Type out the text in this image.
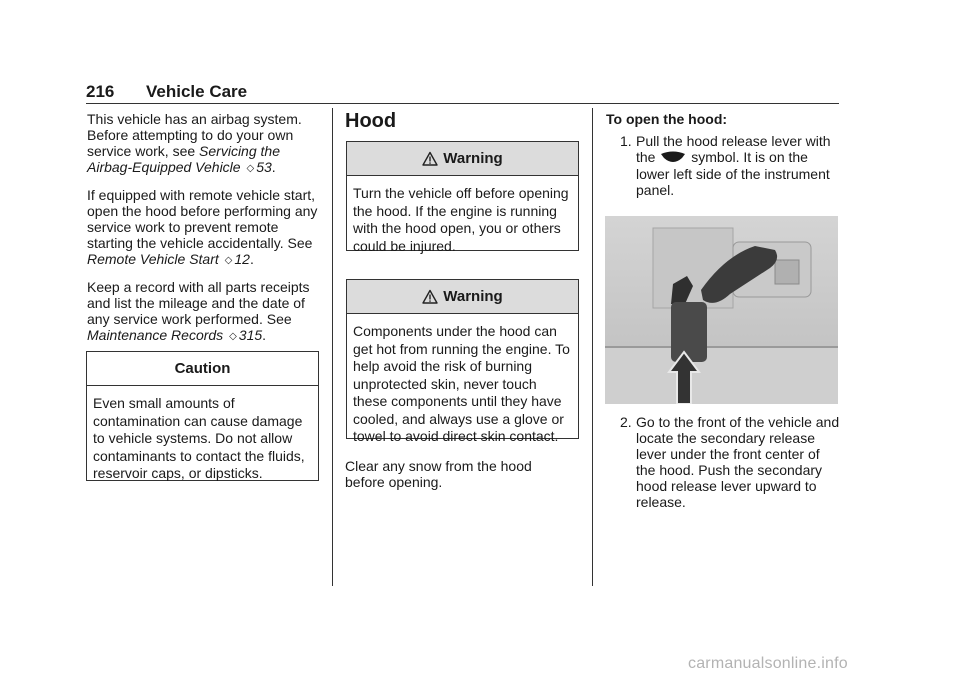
216 Vehicle Care

This vehicle has an airbag system. Before attempting to do your own service work, see Servicing the Airbag-Equipped Vehicle ◇ 53.

If equipped with remote vehicle start, open the hood before performing any service work to prevent remote starting the vehicle accidentally. See Remote Vehicle Start ◇ 12.

Keep a record with all parts receipts and list the mileage and the date of any service work performed. See Maintenance Records ◇ 315.

Caution
Even small amounts of contamination can cause damage to vehicle systems. Do not allow contaminants to contact the fluids, reservoir caps, or dipsticks.
Hood
Warning
Turn the vehicle off before opening the hood. If the engine is running with the hood open, you or others could be injured.
Warning
Components under the hood can get hot from running the engine. To help avoid the risk of burning unprotected skin, never touch these components until they have cooled, and always use a glove or towel to avoid direct skin contact.

Clear any snow from the hood before opening.

To open the hood:

1. Pull the hood release lever with the	symbol. It is on the lower left side of the instrument panel.
2. Go to the front of the vehicle and locate the secondary release lever under the front center of the hood. Push the secondary hood release lever upward to release.
carmanualsonline.info
